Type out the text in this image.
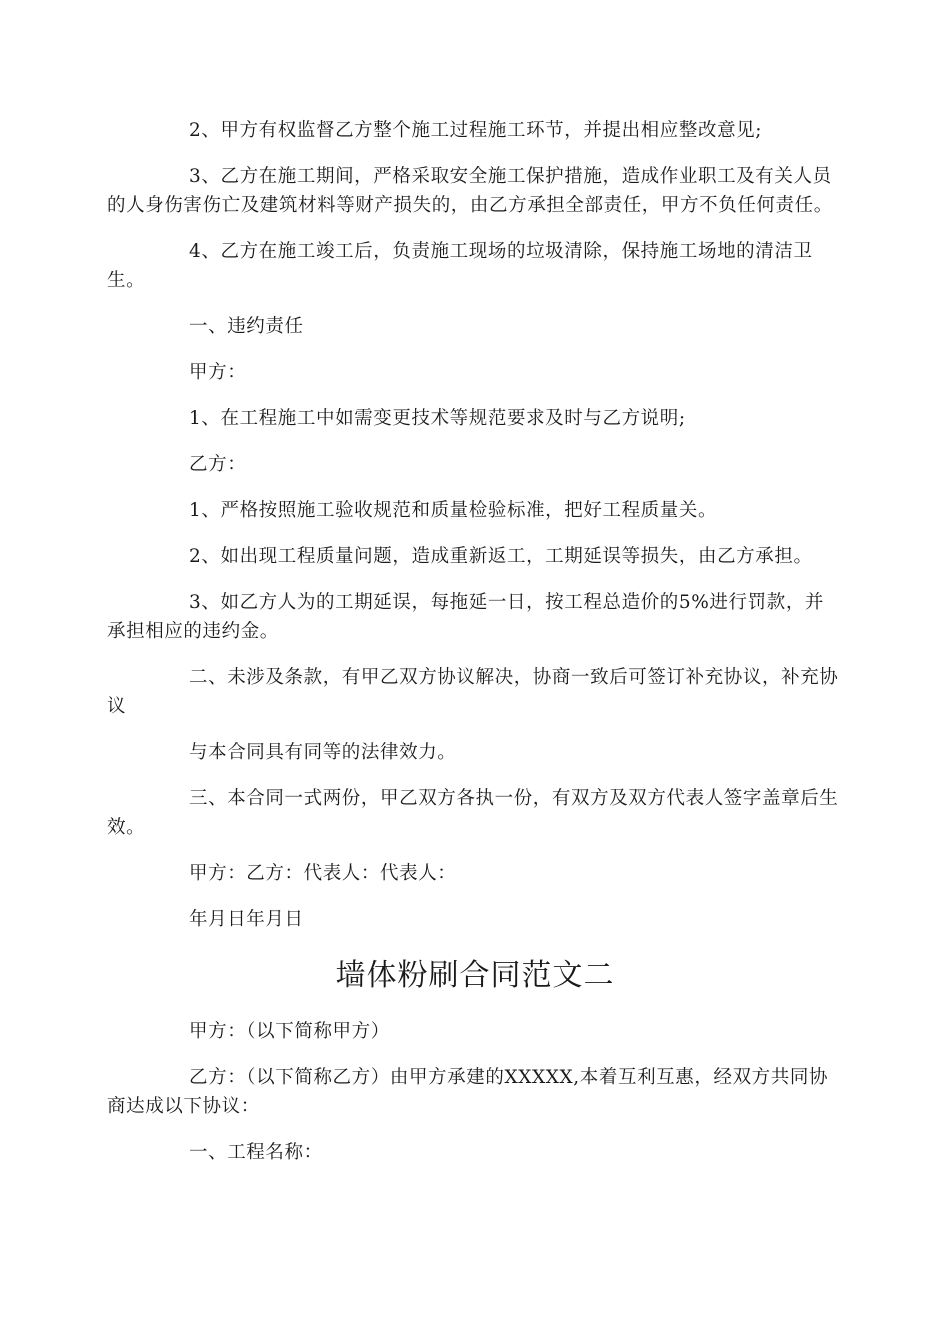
2、甲方有权监督乙方整个施工过程施工环节，并提出相应整改意见;

3、乙方在施工期间，严格采取安全施工保护措施，造成作业职工及有关人员的人身伤害伤亡及建筑材料等财产损失的，由乙方承担全部责任，甲方不负任何责任。

4、乙方在施工竣工后，负责施工现场的垃圾清除，保持施工场地的清洁卫生。

一、违约责任

甲方：

1、在工程施工中如需变更技术等规范要求及时与乙方说明;

乙方：

1、严格按照施工验收规范和质量检验标准，把好工程质量关。

2、如出现工程质量问题，造成重新返工，工期延误等损失，由乙方承担。

3、如乙方人为的工期延误，每拖延一日，按工程总造价的5%进行罚款，并承担相应的违约金。

二、未涉及条款，有甲乙双方协议解决，协商一致后可签订补充协议，补充协议

与本合同具有同等的法律效力。

三、本合同一式两份，甲乙双方各执一份，有双方及双方代表人签字盖章后生效。

甲方：乙方：代表人：代表人：

年月日年月日

墙体粉刷合同范文二

甲方：（以下简称甲方）

乙方：（以下简称乙方）由甲方承建的XXXXX,本着互利互惠，经双方共同协商达成以下协议：

一、工程名称：
